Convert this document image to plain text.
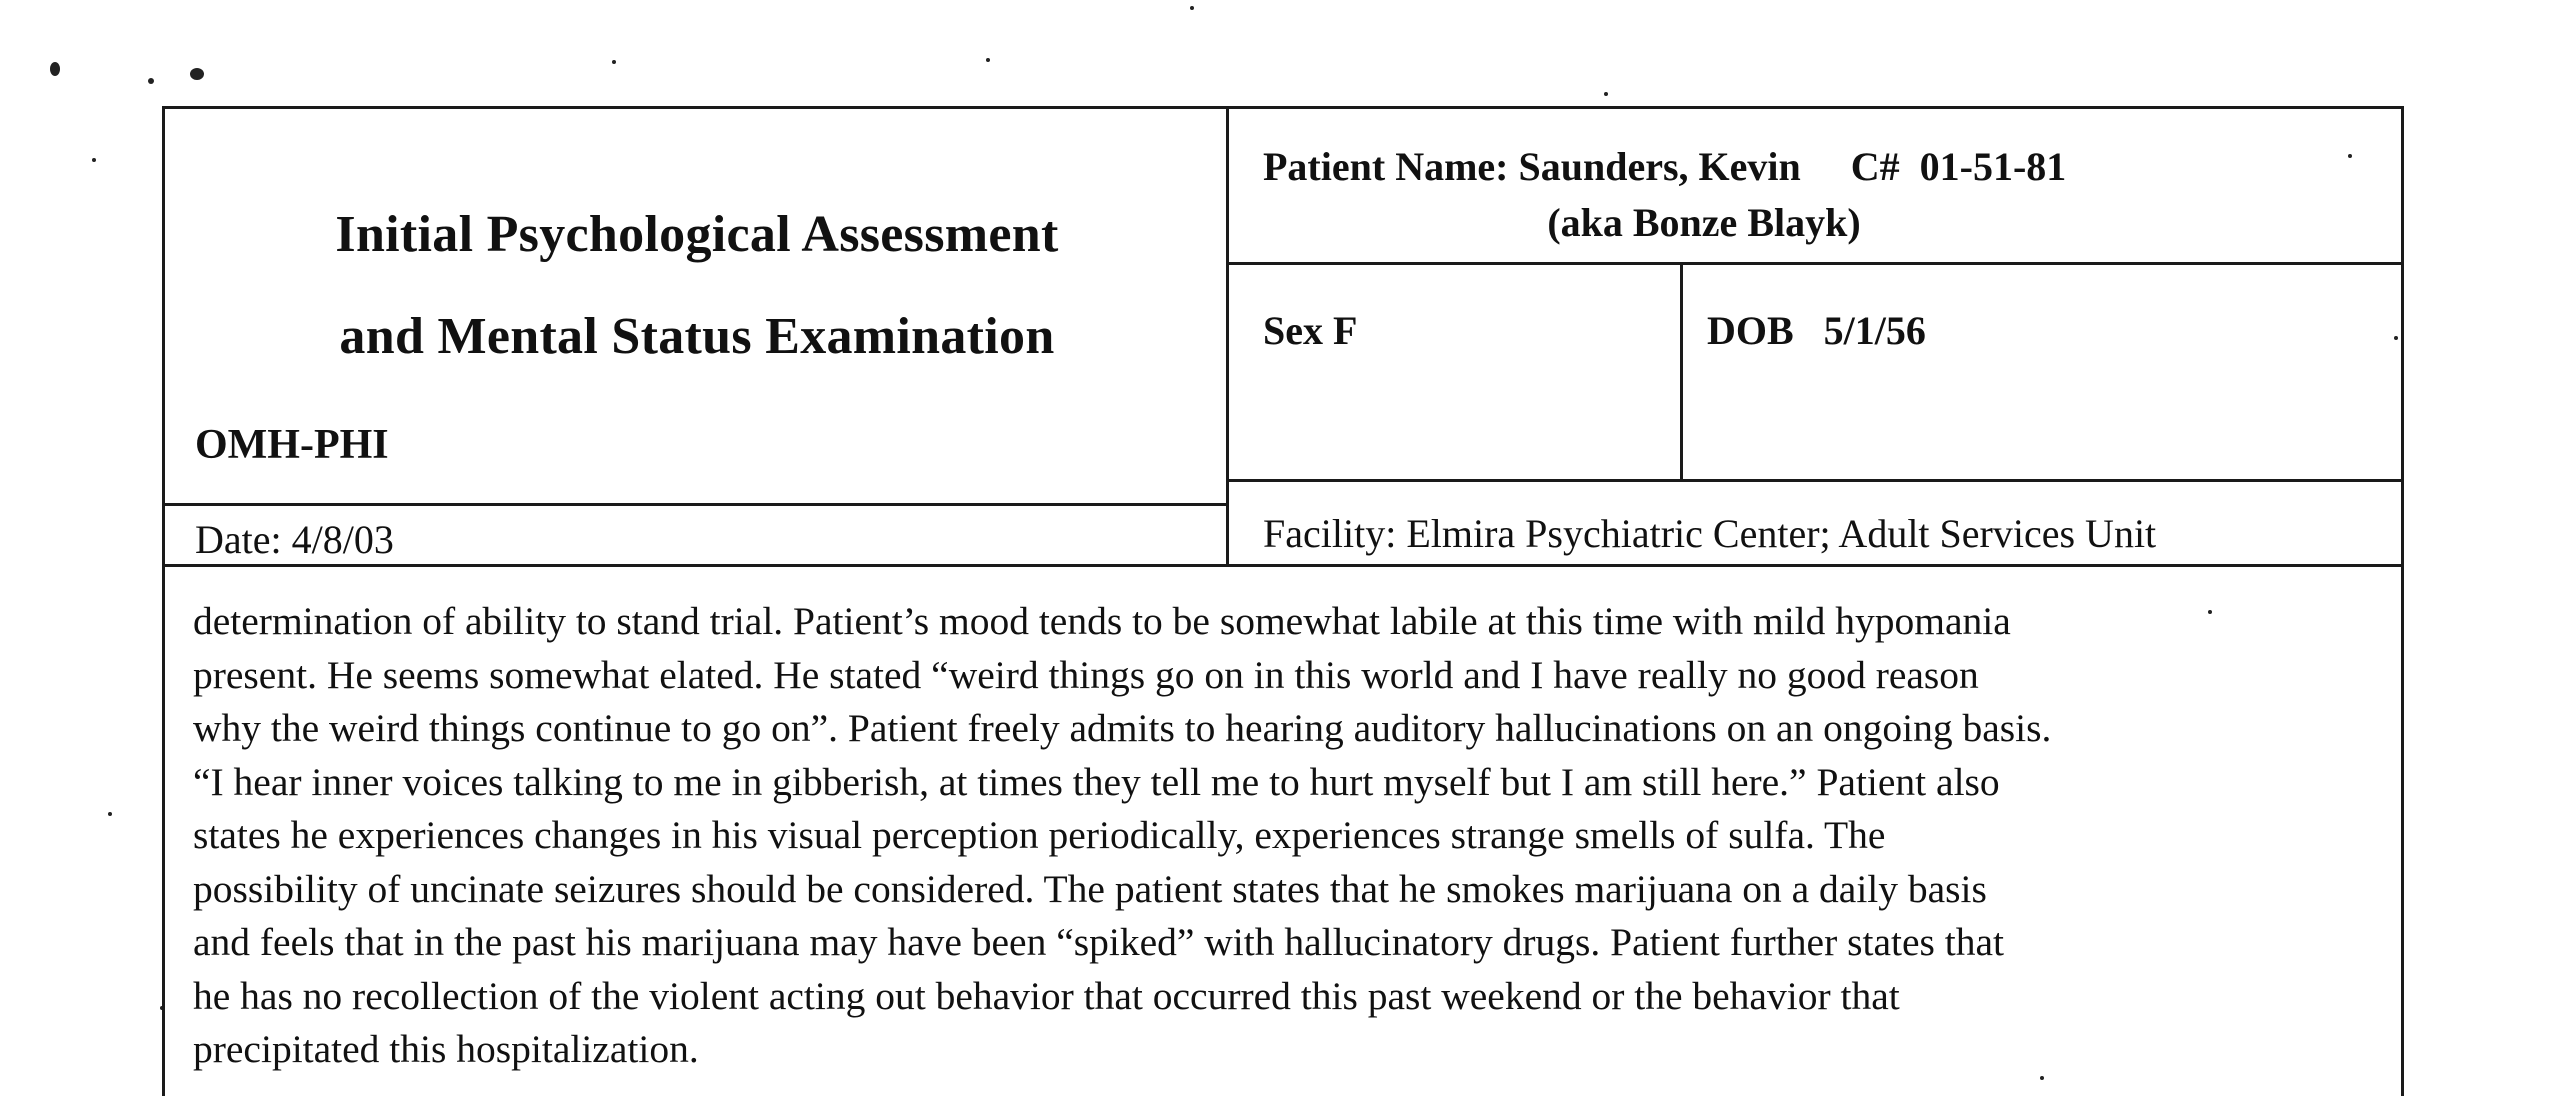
Initial Psychological Assessment
and Mental Status Examination
OMH-PHI
Date: 4/8/03
Patient Name: Saunders, Kevin     C#  01-51-81
(aka Bonze Blayk)
Sex F	DOB   5/1/56
Facility: Elmira Psychiatric Center; Adult Services Unit
determination of ability to stand trial. Patient’s mood tends to be somewhat labile at this time with mild hypomania
present. He seems somewhat elated. He stated “weird things go on in this world and I have really no good reason
why the weird things continue to go on”. Patient freely admits to hearing auditory hallucinations on an ongoing basis.
“I hear inner voices talking to me in gibberish, at times they tell me to hurt myself but I am still here.” Patient also
states he experiences changes in his visual perception periodically, experiences strange smells of sulfa. The
possibility of uncinate seizures should be considered. The patient states that he smokes marijuana on a daily basis
and feels that in the past his marijuana may have been “spiked” with hallucinatory drugs. Patient further states that
he has no recollection of the violent acting out behavior that occurred this past weekend or the behavior that
precipitated this hospitalization.
